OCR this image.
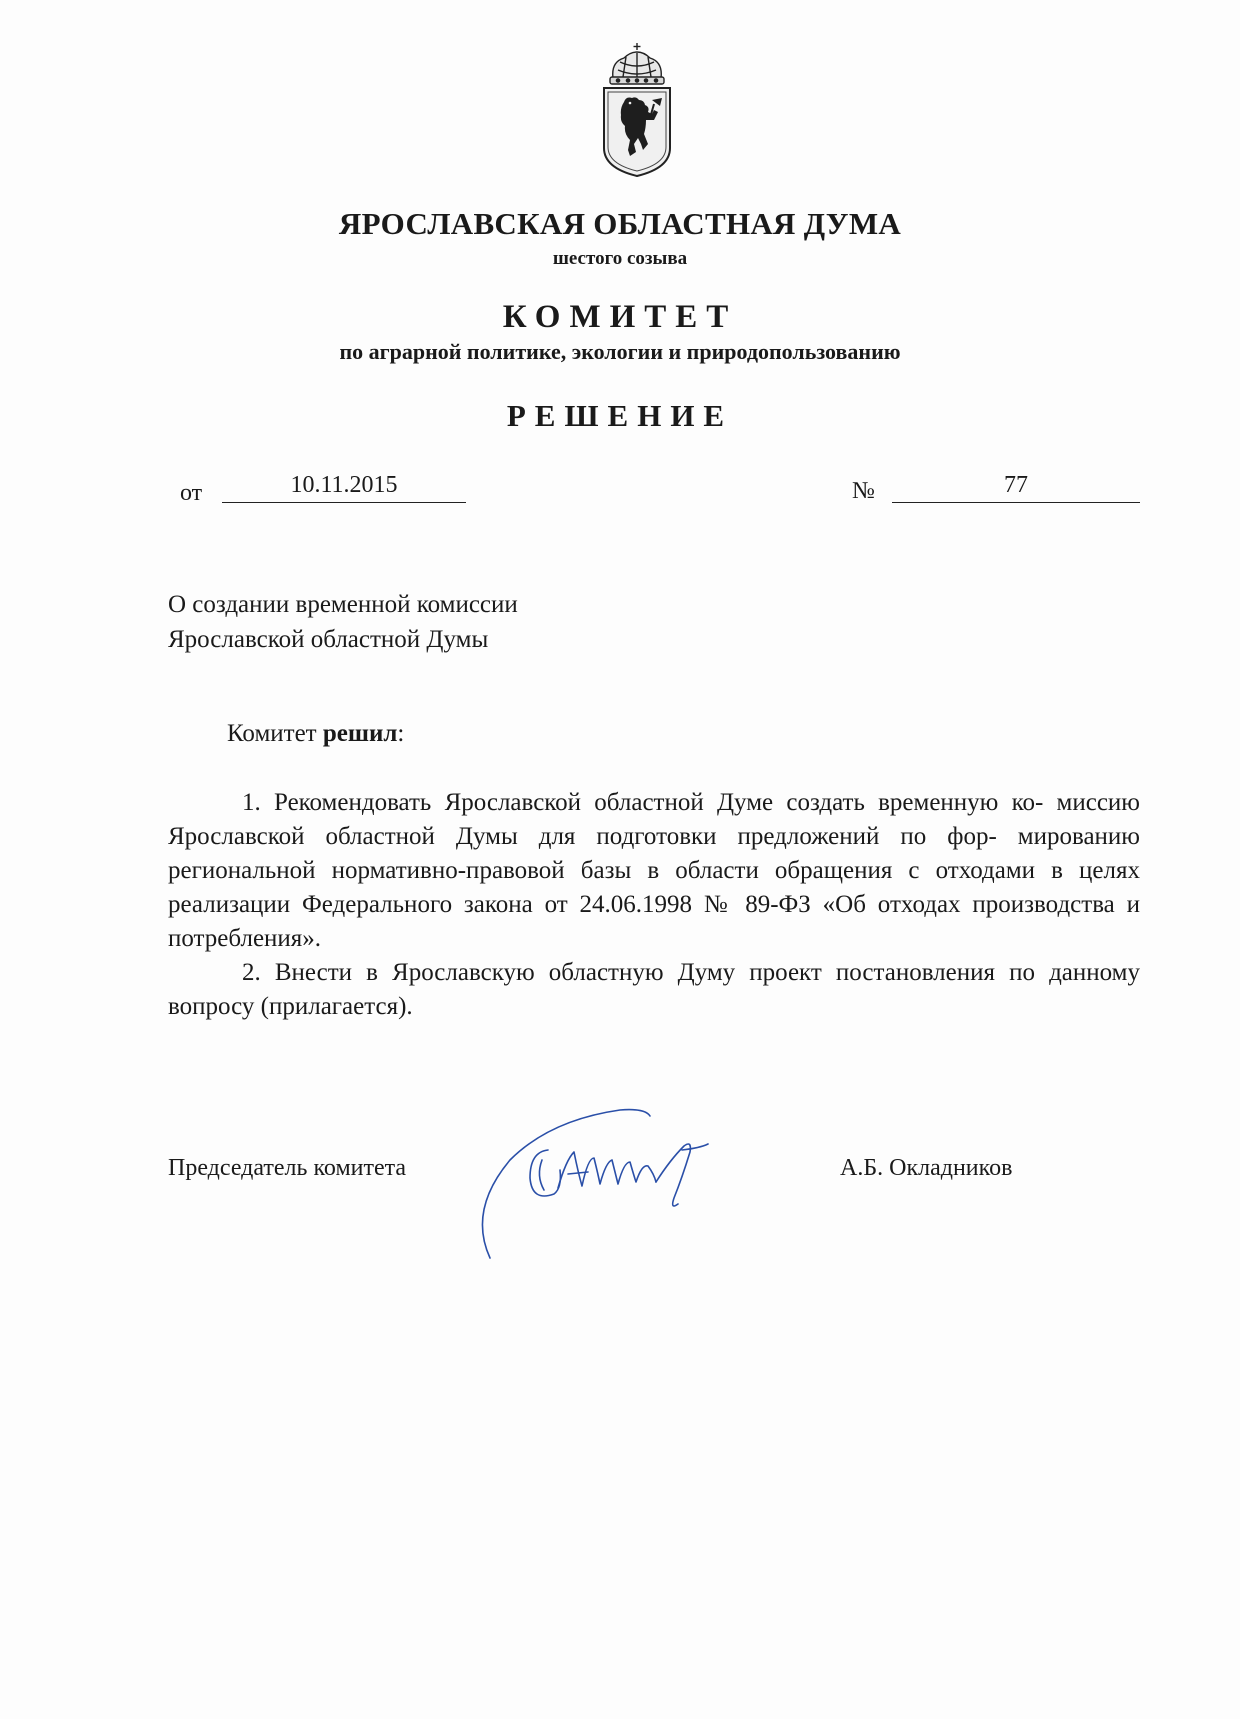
ЯРОСЛАВСКАЯ ОБЛАСТНАЯ ДУМА
шестого созыва
КОМИТЕТ
по аграрной политике, экологии и природопользованию
РЕШЕНИЕ
от	10.11.2015	№	77
О создании временной комиссии
Ярославской областной Думы
Комитет решил:

1. Рекомендовать Ярославской областной Думе создать временную ко- миссию Ярославской областной Думы для подготовки предложений по фор- мированию региональной нормативно-правовой базы в области обращения с отходами в целях реализации Федерального закона от 24.06.1998 № 89-ФЗ «Об отходах производства и потребления».

2. Внести в Ярославскую областную Думу проект постановления по данному вопросу (прилагается).

Председатель комитета	А.Б. Окладников
